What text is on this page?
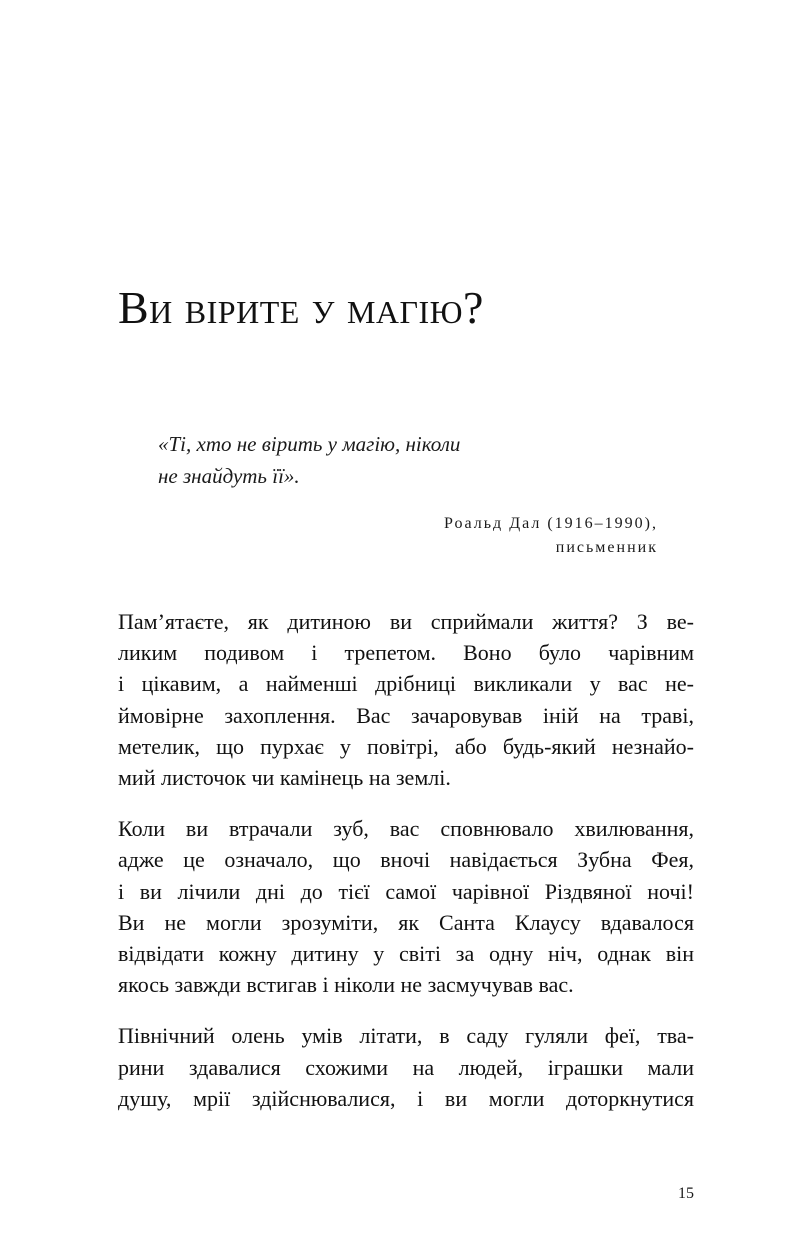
Ви вірите у магію?

«Ті, хто не вірить у магію, ніколи
не знайдуть її».

Роальд Дал (1916–1990),
письменник

Пам’ятаєте, як дитиною ви сприймали життя? З ве-
ликим подивом і трепетом. Воно було чарівним
і цікавим, а найменші дрібниці викликали у вас не-
ймовірне захоплення. Вас зачаровував іній на траві,
метелик, що пурхає у повітрі, або будь-який незнайо-
мий листочок чи камінець на землі.

Коли ви втрачали зуб, вас сповнювало хвилювання,
адже це означало, що вночі навідається Зубна Фея,
і ви лічили дні до тієї самої чарівної Різдвяної ночі!
Ви не могли зрозуміти, як Санта Клаусу вдавалося
відвідати кожну дитину у світі за одну ніч, однак він
якось завжди встигав і ніколи не засмучував вас.

Північний олень умів літати, в саду гуляли феї, тва-
рини здавалися схожими на людей, іграшки мали
душу, мрії здійснювалися, і ви могли доторкнутися

15
